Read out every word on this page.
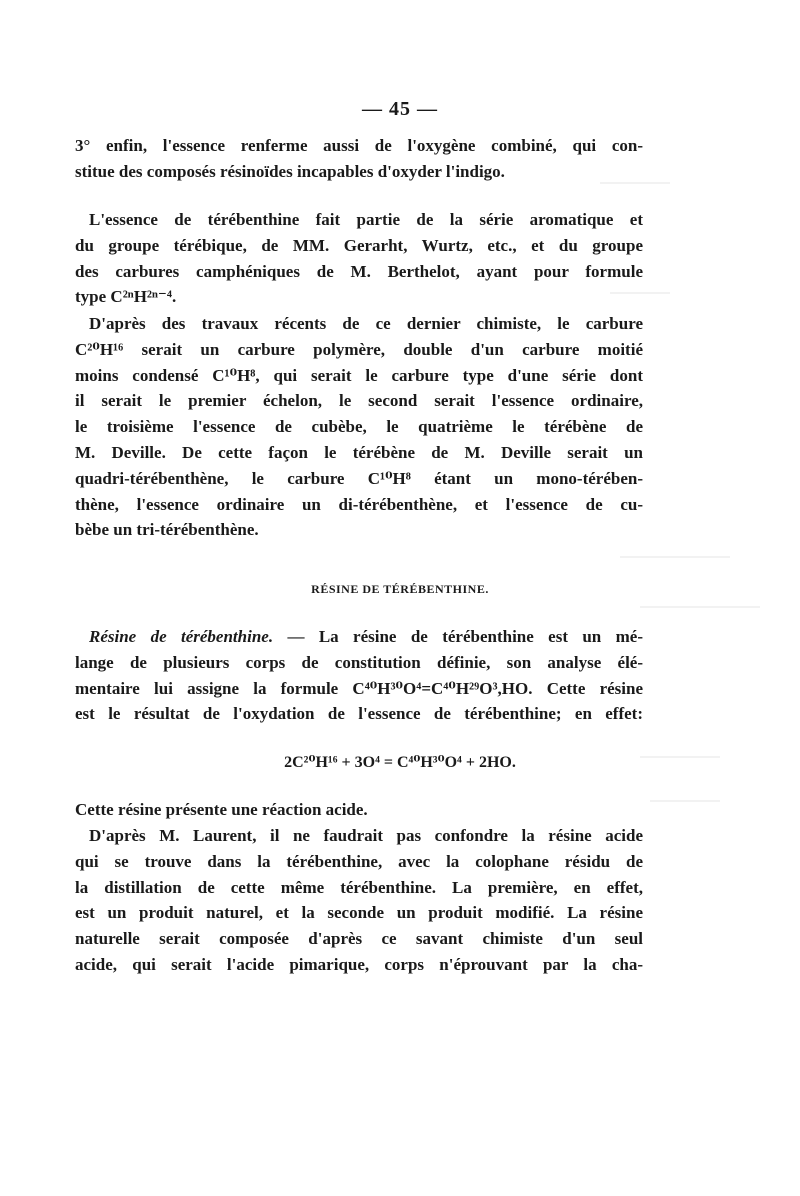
— 45 —
3° enfin, l'essence renferme aussi de l'oxygène combiné, qui con-
stitue des composés résinoïdes incapables d'oxyder l'indigo.
L'essence de térébenthine fait partie de la série aromatique et
du groupe térébique, de MM. Gerarht, Wurtz, etc., et du groupe
des carbures camphéniques de M. Berthelot, ayant pour formule
type C²ⁿH²ⁿ⁻⁴.
D'après des travaux récents de ce dernier chimiste, le carbure
C²⁰H¹⁶ serait un carbure polymère, double d'un carbure moitié
moins condensé C¹⁰H⁸, qui serait le carbure type d'une série dont
il serait le premier échelon, le second serait l'essence ordinaire,
le troisième l'essence de cubèbe, le quatrième le térébène de
M. Deville. De cette façon le térébène de M. Deville serait un
quadri-térébenthène, le carbure C¹⁰H⁸ étant un mono-térében-
thène, l'essence ordinaire un di-térébenthène, et l'essence de cu-
bèbe un tri-térébenthène.
RÉSINE DE TÉRÉBENTHINE.
Résine de térébenthine. — La résine de térébenthine est un mé-
lange de plusieurs corps de constitution définie, son analyse élé-
mentaire lui assigne la formule C⁴⁰H³⁰O⁴=C⁴⁰H²⁹O³,HO. Cette résine
est le résultat de l'oxydation de l'essence de térébenthine; en effet:
2C²⁰H¹⁶ + 3O⁴ = C⁴⁰H³⁰O⁴ + 2HO.
Cette résine présente une réaction acide.
D'après M. Laurent, il ne faudrait pas confondre la résine acide
qui se trouve dans la térébenthine, avec la colophane résidu de
la distillation de cette même térébenthine. La première, en effet,
est un produit naturel, et la seconde un produit modifié. La résine
naturelle serait composée d'après ce savant chimiste d'un seul
acide, qui serait l'acide pimarique, corps n'éprouvant par la cha-
